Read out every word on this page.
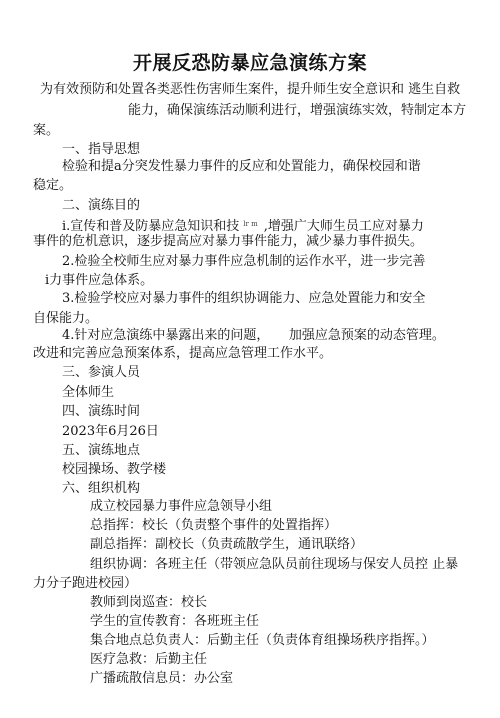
开展反恐防暴应急演练方案
为有效预防和处置各类恶性伤害师生案件，提升师生安全意识和 逃生自救
能力，确保演练活动顺利进行，增强演练实效，特制定本方
案。
一、指导思想
检验和提a分突发性暴力事件的反应和处置能力，确保校园和谐
稳定。
二、演练目的
i.宣传和普及防暴应急知识和技 $^{lr m}$ ,增强广大师生员工应对暴力
事件的危机意识，逐步提高应对暴力事件能力，减少暴力事件损失。
2.检验全校师生应对暴力事件应急机制的运作水平，进一步完善
i力事件应急体系。
3.检验学校应对暴力事件的组织协调能力、应急处置能力和安全
自保能力。
4.针对应急演练中暴露出来的问题，　　加强应急预案的动态管理。
改进和完善应急预案体系，提高应急管理工作水平。
三、参演人员
全体师生
四、演练时间
2023年6月26日
五、演练地点
校园操场、教学楼
六、组织机构
成立校园暴力事件应急领导小组
总指挥：校长（负责整个事件的处置指挥）
副总指挥：副校长（负责疏散学生，通讯联络）
组织协调：各班主任（带领应急队员前往现场与保安人员控 止暴
力分子跑进校园）
教师到岗巡查：校长
学生的宣传教育：各班班主任
集合地点总负责人：后勤主任（负责体育组操场秩序指挥。）
医疗急救：后勤主任
广播疏散信息员：办公室
